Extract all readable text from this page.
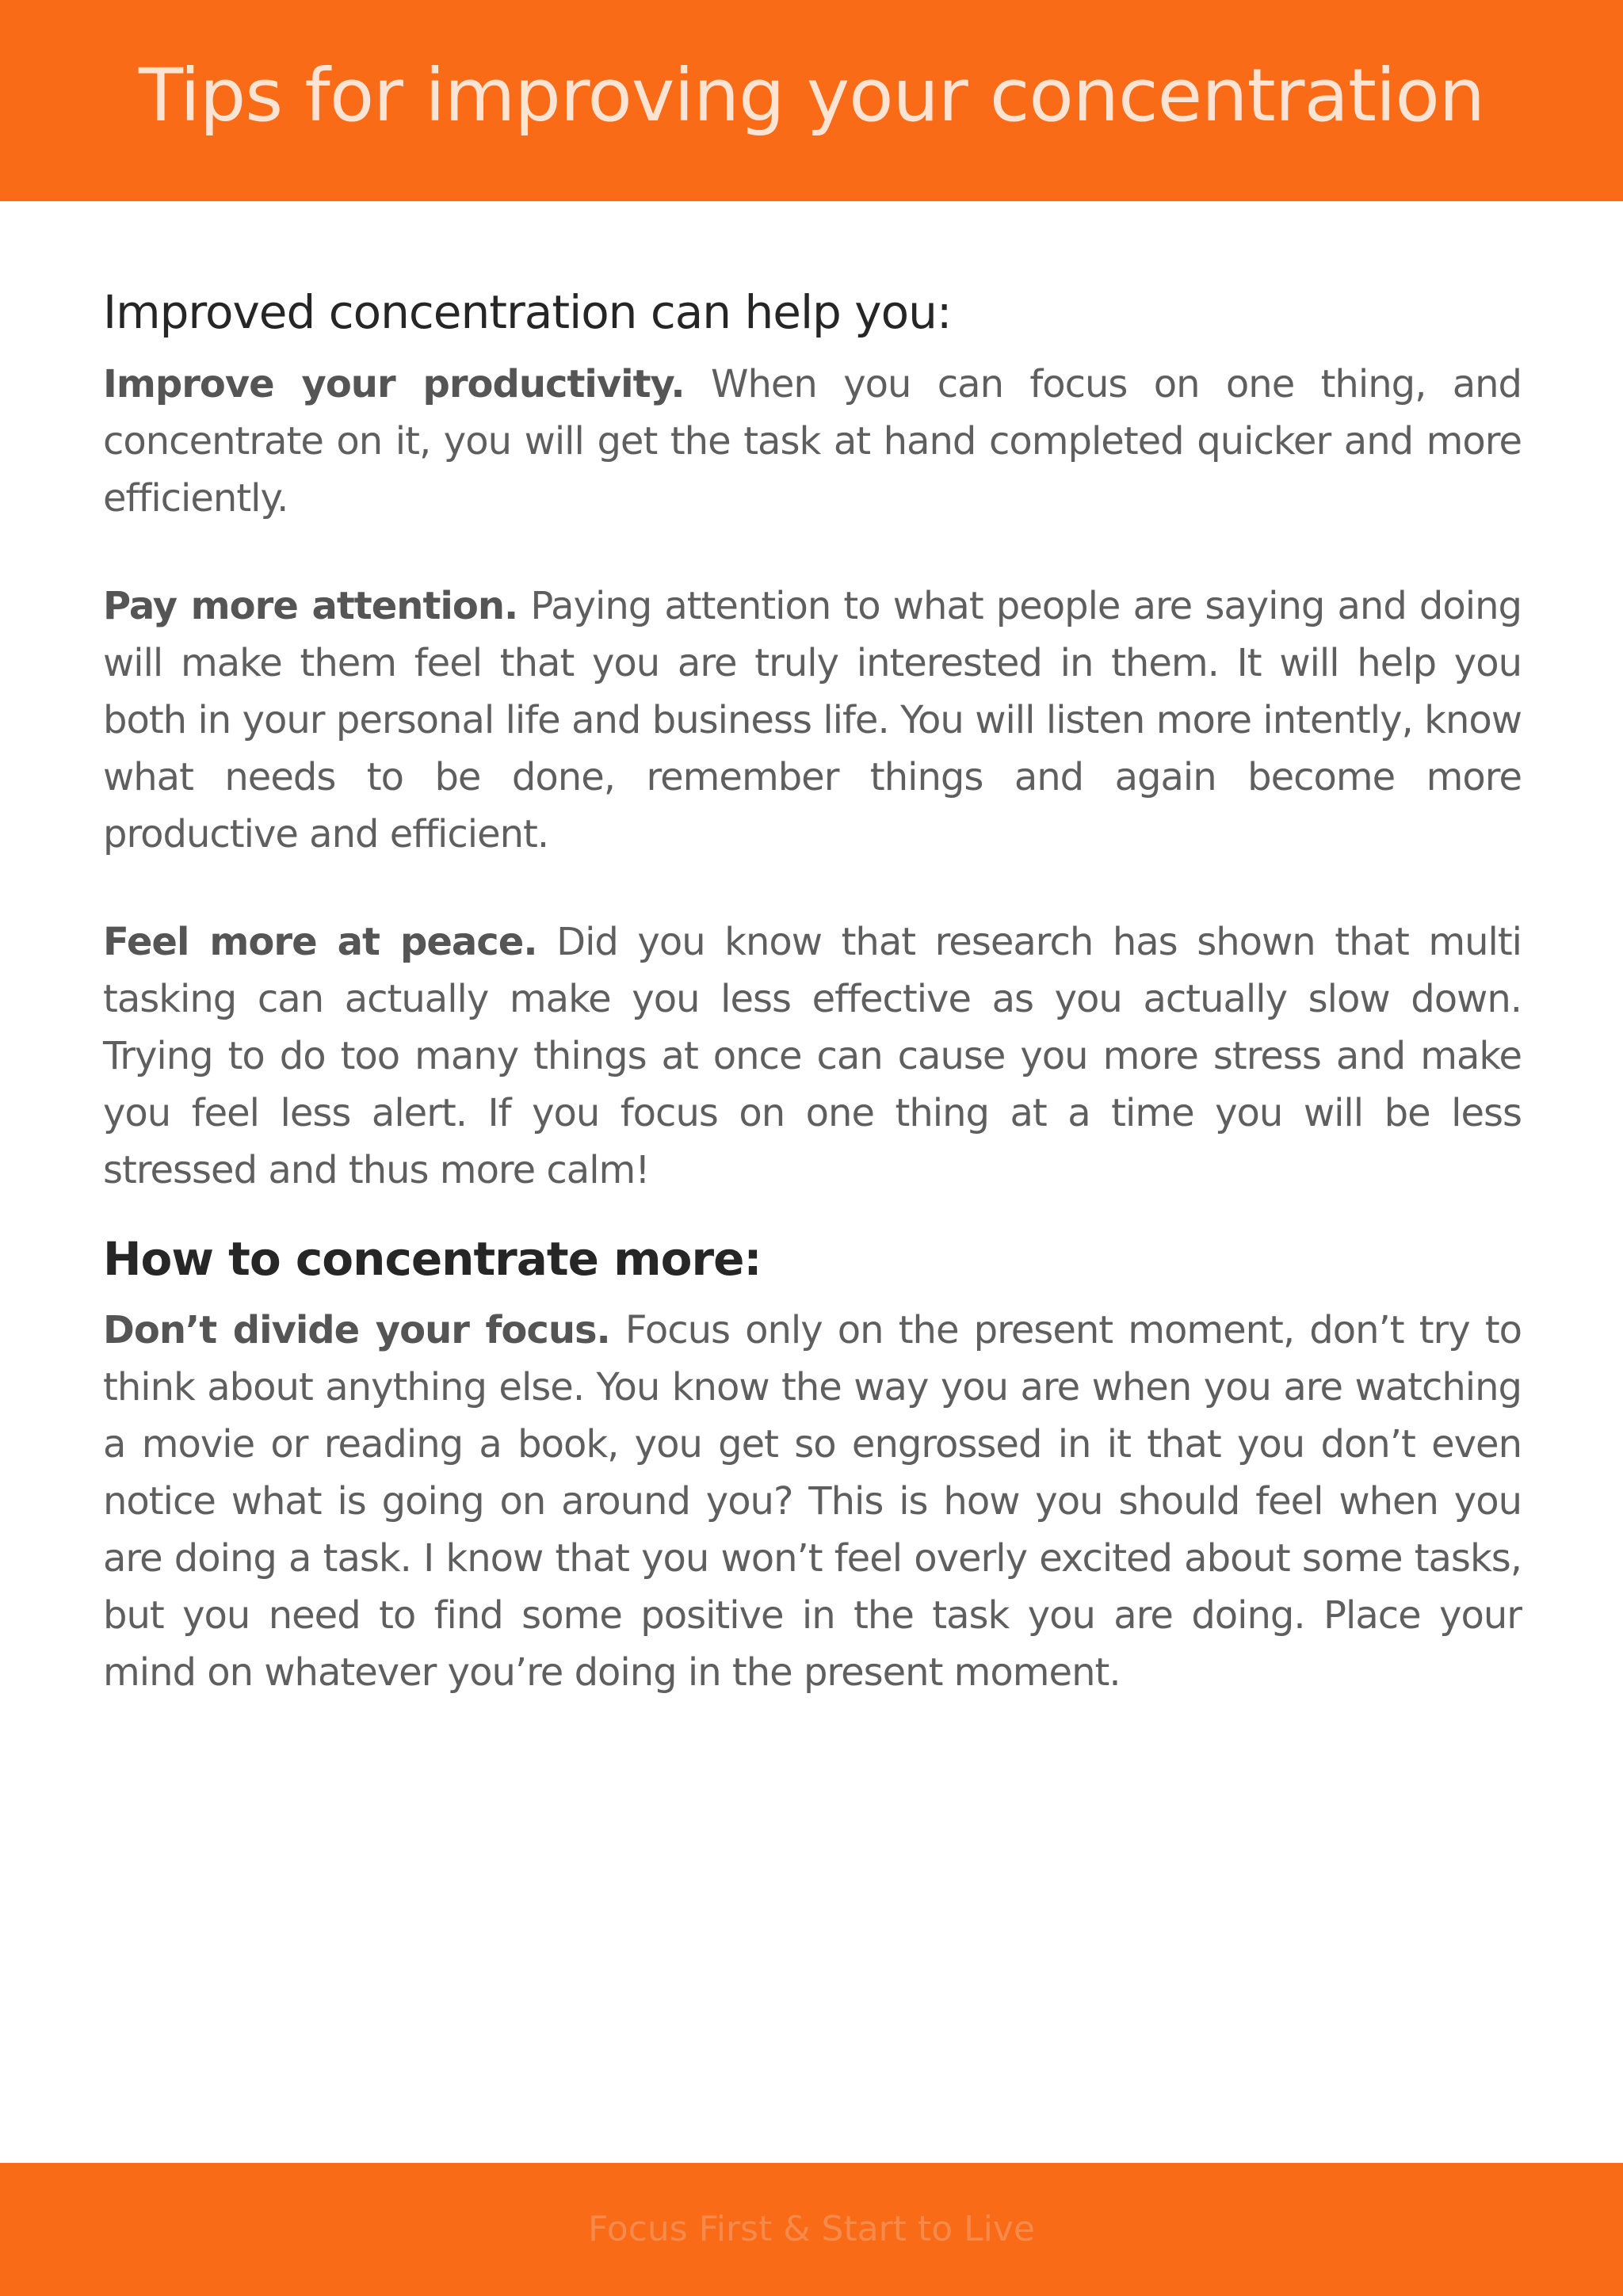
Tips for improving your concentration
Improved concentration can help you:

Improve your productivity. When you can focus on one thing, and concentrate on it, you will get the task at hand completed quicker and more efficiently.

Pay more attention. Paying attention to what people are saying and doing will make them feel that you are truly interested in them. It will help you both in your personal life and business life. You will listen more intently, know what needs to be done, remember things and again become more productive and efficient.

Feel more at peace. Did you know that research has shown that multi tasking can actually make you less effective as you actually slow down. Trying to do too many things at once can cause you more stress and make you feel less alert. If you focus on one thing at a time you will be less stressed and thus more calm!

How to concentrate more:

Don’t divide your focus. Focus only on the present moment, don’t try to think about anything else. You know the way you are when you are watching a movie or reading a book, you get so engrossed in it that you don’t even notice what is going on around you? This is how you should feel when you are doing a task. I know that you won’t feel overly excited about some tasks, but you need to find some positive in the task you are doing. Place your mind on whatever you’re doing in the present moment.

Focus First & Start to Live
